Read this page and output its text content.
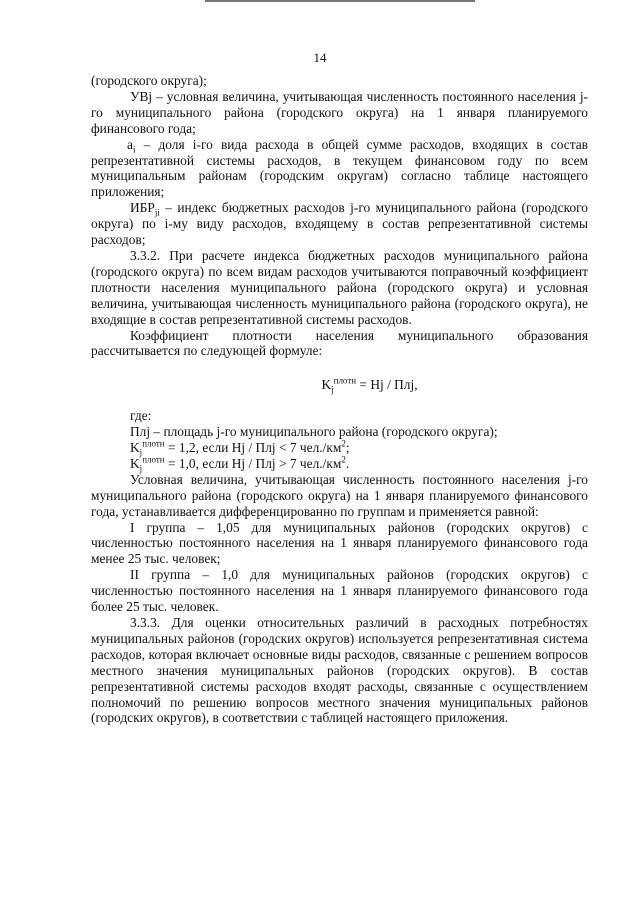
14

(городского округа);

УВj – условная величина, учитывающая численность постоянного населения j-го муниципального района (городского округа) на 1 января планируемого финансового года;

$a_i$ – доля i-го вида расхода в общей сумме расходов, входящих в состав репрезентативной системы расходов, в текущем финансовом году по всем муниципальным районам (городским округам) согласно таблице настоящего приложения;

$ИБР_{ji}$ – индекс бюджетных расходов j-го муниципального района (городского округа) по i-му виду расходов, входящему в состав репрезентативной системы расходов;

3.3.2. При расчете индекса бюджетных расходов муниципального района (городского округа) по всем видам расходов учитываются поправочный коэффициент плотности населения муниципального района (городского округа) и условная величина, учитывающая численность муниципального района (городского округа), не входящие в состав репрезентативной системы расходов.

Коэффициент плотности населения муниципального образования рассчитывается по следующей формуле:

$K_j^{плотн} = Hj$ / Плj,

где:

Плj – площадь j-го муниципального района (городского округа);

$K_j^{плотн} = 1,2$, если Hj / Плj < 7 $чел./км^2$;

$K_j^{плотн} = 1,0$, если Hj / Плj > 7 $чел./км^2$.

Условная величина, учитывающая численность постоянного населения j-го муниципального района (городского округа) на 1 января планируемого финансового года, устанавливается дифференцированно по группам и применяется равной:

I группа – 1,05 для муниципальных районов (городских округов) с численностью постоянного населения на 1 января планируемого финансового года менее 25 тыс. человек;

II группа – 1,0 для муниципальных районов (городских округов) с численностью постоянного населения на 1 января планируемого финансового года более 25 тыс. человек.

3.3.3. Для оценки относительных различий в расходных потребностях муниципальных районов (городских округов) используется репрезентативная система расходов, которая включает основные виды расходов, связанные с решением вопросов местного значения муниципальных районов (городских округов). В состав репрезентативной системы расходов входят расходы, связанные с осуществлением полномочий по решению вопросов местного значения муниципальных районов (городских округов), в соответствии с таблицей настоящего приложения.
